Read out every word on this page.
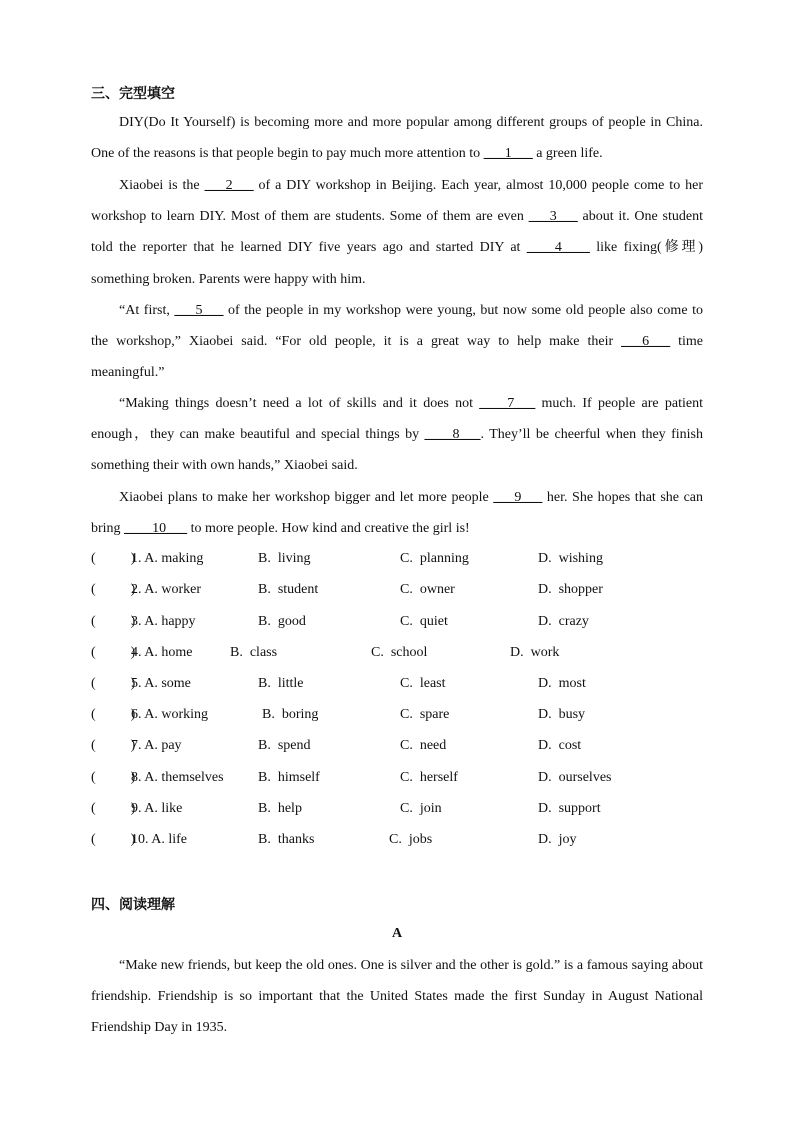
三、完型填空

DIY(Do It Yourself) is becoming more and more popular among different groups of people in China. One of the reasons is that people begin to pay much more attention to ___1___ a green life.

Xiaobei is the ___2___ of a DIY workshop in Beijing. Each year, almost 10,000 people come to her workshop to learn DIY. Most of them are students. Some of them are even ___3___ about it. One student told the reporter that he learned DIY five years ago and started DIY at ____4____ like fixing(修理) something broken. Parents were happy with him.

“At first, ___5___ of the people in my workshop were young, but now some old people also come to the workshop,” Xiaobei said. “For old people, it is a great way to help make their ___6___ time meaningful.”

“Making things doesn’t need a lot of skills and it does not ____7___ much. If people are patient enough，they can make beautiful and special things by ____8___. They’ll be cheerful when they finish something their with own hands,” Xiaobei said.

Xiaobei plans to make her workshop bigger and let more people ___9___ her. She hopes that she can bring ____10___ to more people. How kind and creative the girl is!

(          )
1. A. making	B.  living	C.  planning	D.  wishing
(          )
2. A. worker	B.  student	C.  owner	D.  shopper
(          )
3. A. happy	B.  good	C.  quiet	D.  crazy
(          )
4. A. home	B.  class	C.  school	D.  work
(          )
5. A. some	B.  little	C.  least	D.  most
(          )
6. A. working	B.  boring	C.  spare	D.  busy
(          )
7. A. pay	B.  spend	C.  need	D.  cost
(          )
8. A. themselves B.  himself	C.  herself	D.  ourselves
(          )
9. A. like	B.  help	C.  join	D.  support
(          )
10. A. life	B.  thanks	C.  jobs	D.  joy
四、阅读理解
A

“Make new friends, but keep the old ones. One is silver and the other is gold.” is a famous saying about friendship. Friendship is so important that the United States made the first Sunday in August National Friendship Day in 1935.
